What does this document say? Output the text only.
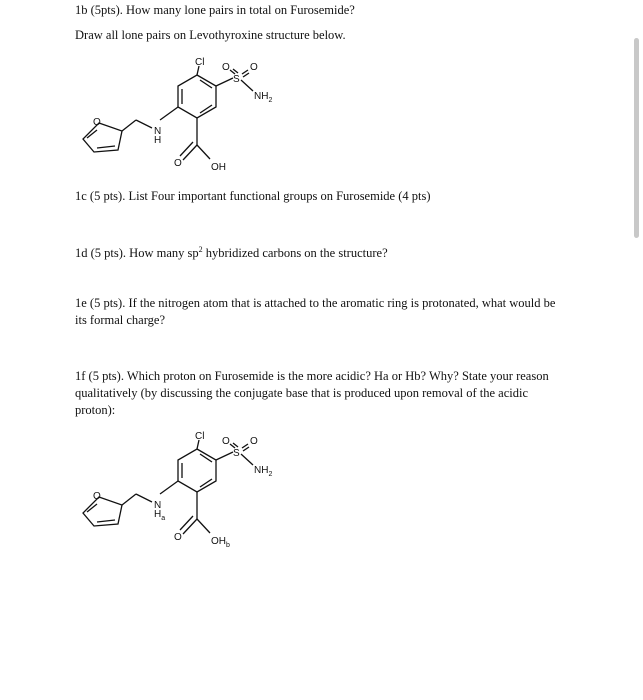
1b (5pts). How many lone pairs in total on Furosemide?

Draw all lone pairs on Levothyroxine structure below.

Cl O O
S
$NH_2$
O
N
H
O	OH

1c (5 pts). List Four important functional groups on Furosemide (4 pts)

1d (5 pts). How many $sp^2$ hybridized carbons on the structure?

1e (5 pts). If the nitrogen atom that is attached to the aromatic ring is protonated, what would be

its formal charge?

1f (5 pts). Which proton on Furosemide is the more acidic? Ha or Hb? Why? State your reason

qualitatively (by discussing the conjugate base that is produced upon removal of the acidic

proton):

Cl O O
S
$NH_2$
O
N
$H_a$
O	$OH_b$
